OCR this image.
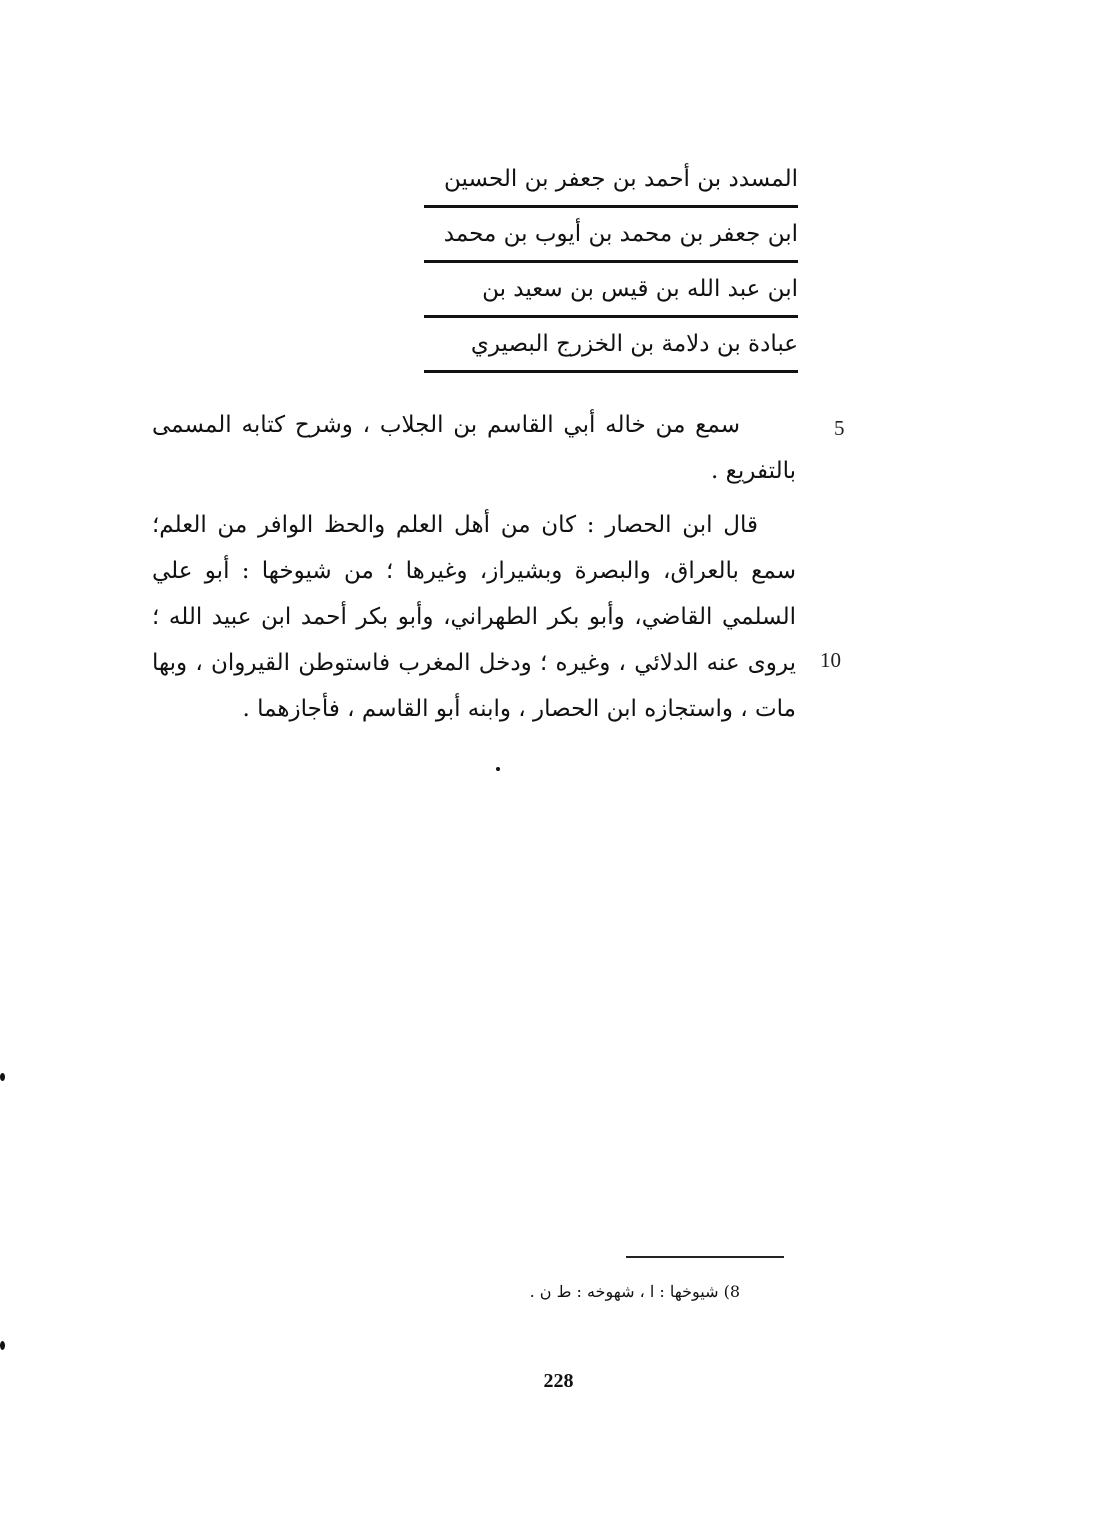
المسدد بن أحمد بن جعفر بن الحسين
ابن جعفر بن محمد بن أيوب بن محمد
ابن عبد الله بن قيس بن سعيد بن
عبادة بن دلامة بن الخزرج البصيري
5
10

سمع من خاله أبي القاسم بن الجلاب ، وشرح كتابه المسمى بالتفريع .

قال ابن الحصار : كان من أهل العلم والحظ الوافر من العلم؛ سمع بالعراق، والبصرة وبشيراز، وغيرها ؛ من شيوخها : أبو علي السلمي القاضي، وأبو بكر الطهراني، وأبو بكر أحمد ابن عبيد الله ؛ يروى عنه الدلائي ، وغيره ؛ ودخل المغرب فاستوطن القيروان ، وبها مات ، واستجازه ابن الحصار ، وابنه أبو القاسم ، فأجازهما .

8) شيوخها : ا ، شهوخه : ط ن .
228
